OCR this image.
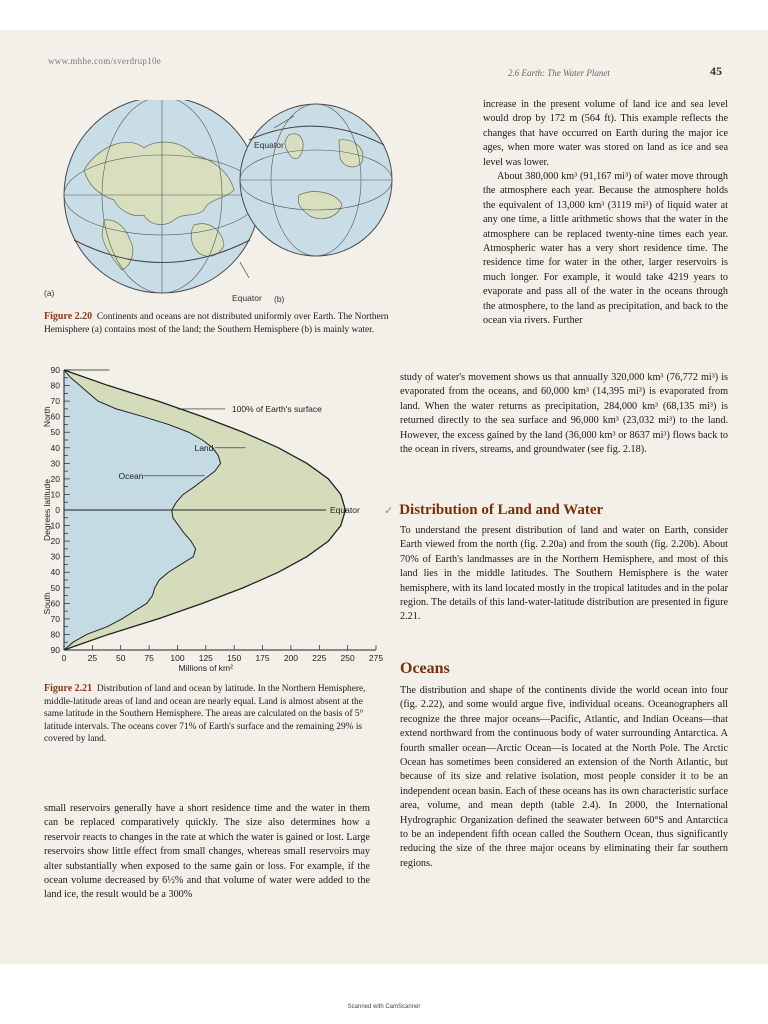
www.mhhe.com/sverdrup10e
2.6 Earth: The Water Planet	45
Equator
Equator
(a)
(b)

Figure 2.20 Continents and oceans are not distributed uniformly over Earth. The Northern Hemisphere (a) contains most of the land; the Southern Hemisphere (b) is mainly water.

90
80
70
60
50
40
30
20
10
0
10
20
30
40
50
60
70
80
90
0	25 50 75 100 125 150 175 200 225 250 275
Millions of km²
Degrees latitude
North
South
100% of Earth's surface
Land
Ocean
Equator

Figure 2.21 Distribution of land and ocean by latitude. In the Northern Hemisphere, middle-latitude areas of land and ocean are nearly equal. Land is almost absent at the same latitude in the Southern Hemisphere. The areas are calculated on the basis of 5° latitude intervals. The oceans cover 71% of Earth's surface and the remaining 29% is covered by land.

small reservoirs generally have a short residence time and the water in them can be replaced comparatively quickly. The size also determines how a reservoir reacts to changes in the rate at which the water is gained or lost. Large reservoirs show little effect from small changes, whereas small reservoirs may alter substantially when exposed to the same gain or loss. For example, if the ocean volume decreased by 6½% and that volume of water were added to the land ice, the result would be a 300%

increase in the present volume of land ice and sea level would drop by 172 m (564 ft). This example reflects the changes that have occurred on Earth during the major ice ages, when more water was stored on land as ice and sea level was lower.

About 380,000 km³ (91,167 mi³) of water move through the atmosphere each year. Because the atmosphere holds the equivalent of 13,000 km³ (3119 mi³) of liquid water at any one time, a little arithmetic shows that the water in the atmosphere can be replaced twenty-nine times each year. Atmospheric water has a very short residence time. The residence time for water in the other, larger reservoirs is much longer. For example, it would take 4219 years to evaporate and pass all of the water in the oceans through the atmosphere, to the land as precipitation, and back to the ocean via rivers. Further

study of water's movement shows us that annually 320,000 km³ (76,772 mi³) is evaporated from the oceans, and 60,000 km³ (14,395 mi³) is evaporated from land. When the water returns as precipitation, 284,000 km³ (68,135 mi³) is returned directly to the sea surface and 96,000 km³ (23,032 mi³) to the land. However, the excess gained by the land (36,000 km³ or 8637 mi³) flows back to the ocean in rivers, streams, and groundwater (see fig. 2.18).

✓ Distribution of Land and Water

To understand the present distribution of land and water on Earth, consider Earth viewed from the north (fig. 2.20a) and from the south (fig. 2.20b). About 70% of Earth's landmasses are in the Northern Hemisphere, and most of this land lies in the middle latitudes. The Southern Hemisphere is the water hemisphere, with its land located mostly in the tropical latitudes and in the polar region. The details of this land-water-latitude distribution are presented in figure 2.21.

Oceans

The distribution and shape of the continents divide the world ocean into four (fig. 2.22), and some would argue five, individual oceans. Oceanographers all recognize the three major oceans—Pacific, Atlantic, and Indian Oceans—that extend northward from the continuous body of water surrounding Antarctica. A fourth smaller ocean—Arctic Ocean—is located at the North Pole. The Arctic Ocean has sometimes been considered an extension of the North Atlantic, but because of its size and relative isolation, most people consider it to be an independent ocean basin. Each of these oceans has its own characteristic surface area, volume, and mean depth (table 2.4). In 2000, the International Hydrographic Organization defined the seawater between 60°S and Antarctica to be an independent fifth ocean called the Southern Ocean, thus significantly reducing the size of the three major oceans by eliminating their far southern regions.

Scanned with CamScanner
